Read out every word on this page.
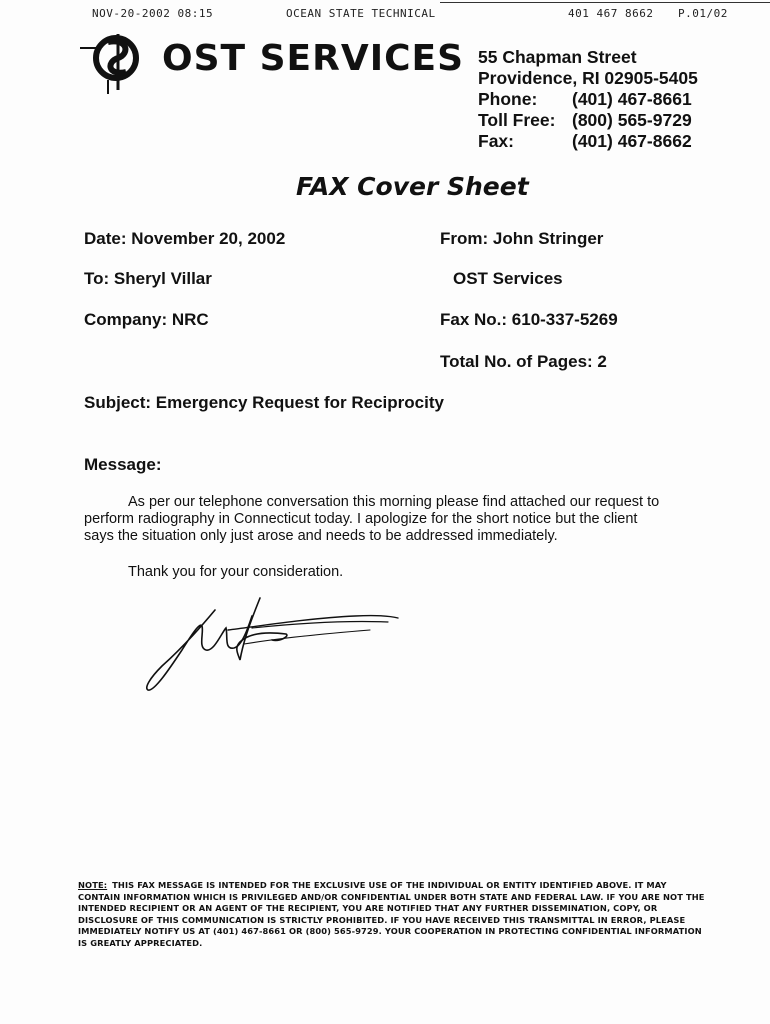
NOV-20-2002 08:15	OCEAN STATE TECHNICAL	401 467 8662 P.01/02
OST SERVICES 55 Chapman Street
Providence, RI 02905-5405
Phone: (401) 467-8661
Toll Free: (800) 565-9729
Fax:	(401) 467-8662
FAX Cover Sheet
Date: November 20, 2002
To: Sheryl Villar
Company: NRC
From: John Stringer
OST Services
Fax No.: 610-337-5269
Total No. of Pages: 2
Subject: Emergency Request for Reciprocity
Message:
As per our telephone conversation this morning please find attached our request to
perform radiography in Connecticut today. I apologize for the short notice but the client
says the situation only just arose and needs to be addressed immediately.
Thank you for your consideration.
NOTE: THIS FAX MESSAGE IS INTENDED FOR THE EXCLUSIVE USE OF THE INDIVIDUAL OR ENTITY IDENTIFIED ABOVE. IT MAY CONTAIN INFORMATION WHICH IS PRIVILEGED AND/OR CONFIDENTIAL UNDER BOTH STATE AND FEDERAL LAW. IF YOU ARE NOT THE INTENDED RECIPIENT OR AN AGENT OF THE RECIPIENT, YOU ARE NOTIFIED THAT ANY FURTHER DISSEMINATION, COPY, OR DISCLOSURE OF THIS COMMUNICATION IS STRICTLY PROHIBITED. IF YOU HAVE RECEIVED THIS TRANSMITTAL IN ERROR, PLEASE IMMEDIATELY NOTIFY US AT (401) 467-8661 OR (800) 565-9729. YOUR COOPERATION IN PROTECTING CONFIDENTIAL INFORMATION IS GREATLY APPRECIATED.
